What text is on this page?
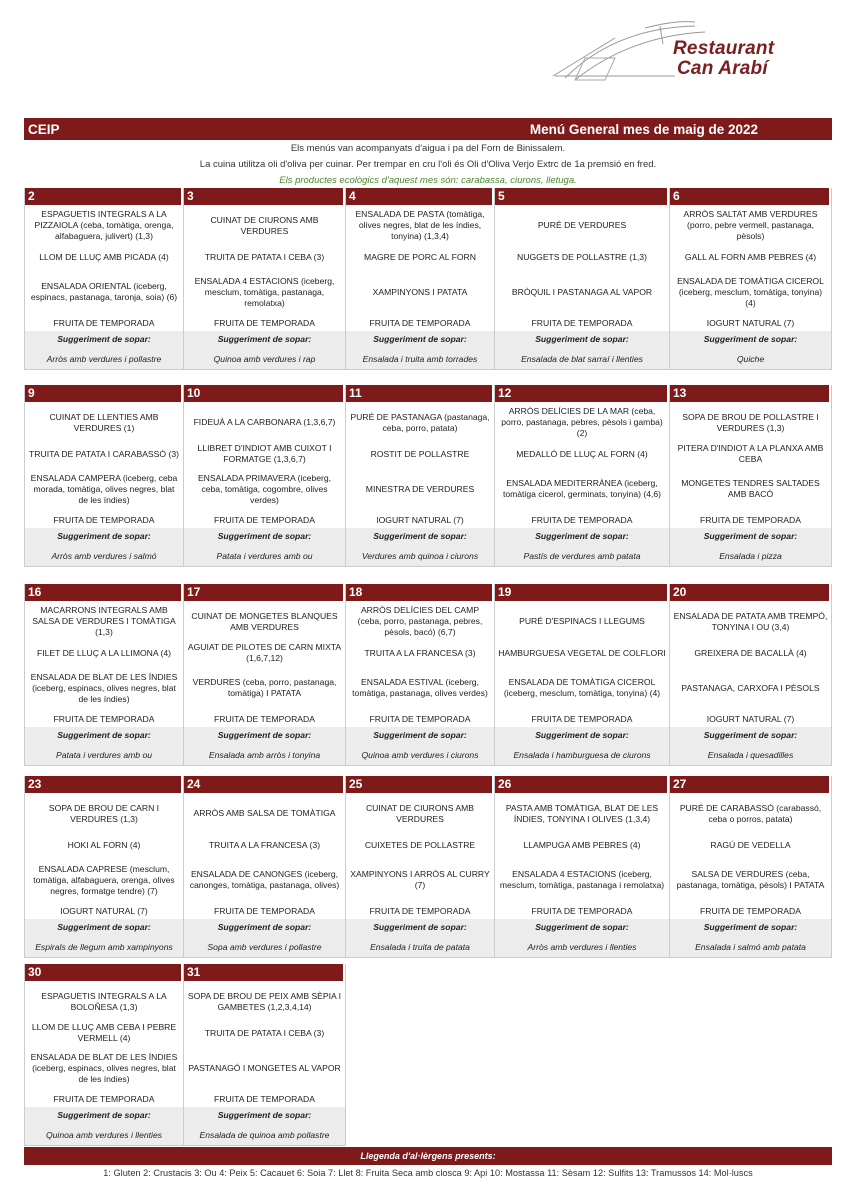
Restaurant
Can Arabí
CEIP	Menú General mes de maig de 2022
Els menús van acompanyats d'aigua i pa del Forn de Binissalem.
La cuina utilitza oli d'oliva per cuinar. Per trempar en cru l'oli és Oli d'Oliva Verjo Extrc de 1a premsió en fred.
Els productes ecològics d'aquest mes són: carabassa, ciurons, lletuga.
2
ESPAGUETIS INTEGRALS A LA PIZZAIOLA (ceba, tomàtiga, orenga, alfabaguera, julivert) (1,3)
LLOM DE LLUÇ AMB PICADA (4)
ENSALADA ORIENTAL (iceberg, espinacs, pastanaga, taronja, soia) (6)
FRUITA DE TEMPORADA
Suggeriment de sopar:
Arròs amb verdures i pollastre
3
CUINAT DE CIURONS AMB VERDURES
TRUITA DE PATATA I CEBA (3)
ENSALADA 4 ESTACIONS (iceberg, mesclum, tomàtiga, pastanaga, remolatxa)
FRUITA DE TEMPORADA
Suggeriment de sopar:
Quinoa amb verdures i rap
4
ENSALADA DE PASTA (tomàtiga, olives negres, blat de les índies, tonyina) (1,3,4)
MAGRE DE PORC AL FORN
XAMPINYONS I PATATA
FRUITA DE TEMPORADA
Suggeriment de sopar:
Ensalada i truita amb torrades
5
PURÉ DE VERDURES
NUGGETS DE POLLASTRE (1,3)
BRÒQUIL I PASTANAGA AL VAPOR
FRUITA DE TEMPORADA
Suggeriment de sopar:
Ensalada de blat sarraí i llenties
6
ARRÒS SALTAT AMB VERDURES (porro, pebre vermell, pastanaga, pèsols)
GALL AL FORN AMB PEBRES (4)
ENSALADA DE TOMÀTIGA CICEROL (iceberg, mesclum, tomàtiga, tonyina) (4)
IOGURT NATURAL (7)
Suggeriment de sopar:
Quiche
9
CUINAT DE LLENTIES AMB VERDURES (1)
TRUITA DE PATATA I CARABASSÓ (3)
ENSALADA CAMPERA (iceberg, ceba morada, tomàtiga, olives negres, blat de les índies)
FRUITA DE TEMPORADA
Suggeriment de sopar:
Arròs amb verdures i salmó
10
FIDEUÀ A LA CARBONARA (1,3,6,7)
LLIBRET D'INDIOT AMB CUIXOT I FORMATGE (1,3,6,7)
ENSALADA PRIMAVERA (iceberg, ceba, tomàtiga, cogombre, olives verdes)
FRUITA DE TEMPORADA
Suggeriment de sopar:
Patata i verdures amb ou
11
PURÉ DE PASTANAGA (pastanaga, ceba, porro, patata)
ROSTIT DE POLLASTRE
MINESTRA DE VERDURES
IOGURT NATURAL (7)
Suggeriment de sopar:
Verdures amb quinoa i ciurons
12
ARRÒS DELÍCIES DE LA MAR (ceba, porro, pastanaga, pebres, pèsols i gamba) (2)
MEDALLÓ DE LLUÇ AL FORN (4)
ENSALADA MEDITERRÀNEA (iceberg, tomàtiga cicerol, germinats, tonyina) (4,6)
FRUITA DE TEMPORADA
Suggeriment de sopar:
Pastís de verdures amb patata
13
SOPA DE BROU DE POLLASTRE I VERDURES (1,3)
PITERA D'INDIOT A LA PLANXA AMB CEBA
MONGETES TENDRES SALTADES AMB BACÓ
FRUITA DE TEMPORADA
Suggeriment de sopar:
Ensalada i pizza
16
MACARRONS INTEGRALS AMB SALSA DE VERDURES I TOMÀTIGA (1,3)
FILET DE LLUÇ A LA LLIMONA (4)
ENSALADA DE BLAT DE LES ÍNDIES (iceberg, espinacs, olives negres, blat de les índies)
FRUITA DE TEMPORADA
Suggeriment de sopar:
Patata i verdures amb ou
17
CUINAT DE MONGETES BLANQUES AMB VERDURES
AGUIAT DE PILOTES DE CARN MIXTA (1,6,7,12)
VERDURES (ceba, porro, pastanaga, tomàtiga) I PATATA
FRUITA DE TEMPORADA
Suggeriment de sopar:
Ensalada amb arròs i tonyina
18
ARRÒS DELÍCIES DEL CAMP (ceba, porro, pastanaga, pebres, pèsols, bacó) (6,7)
TRUITA A LA FRANCESA (3)
ENSALADA ESTIVAL (iceberg, tomàtiga, pastanaga, olives verdes)
FRUITA DE TEMPORADA
Suggeriment de sopar:
Quinoa amb verdures i ciurons
19
PURÉ D'ESPINACS I LLEGUMS
HAMBURGUESA VEGETAL DE COLFLORI
ENSALADA DE TOMÀTIGA CICEROL (iceberg, mesclum, tomàtiga, tonyina) (4)
FRUITA DE TEMPORADA
Suggeriment de sopar:
Ensalada i hamburguesa de ciurons
20
ENSALADA DE PATATA AMB TREMPÓ, TONYINA I OU (3,4)
GREIXERA DE BACALLÀ (4)
PASTANAGA, CARXOFA I PÈSOLS
IOGURT NATURAL (7)
Suggeriment de sopar:
Ensalada i quesadilles
23
SOPA DE BROU DE CARN I VERDURES (1,3)
HOKI AL FORN (4)
ENSALADA CAPRESE (mesclum, tomàtiga, alfabaguera, orenga, olives negres, formatge tendre) (7)
IOGURT NATURAL (7)
Suggeriment de sopar:
Espirals de llegum amb xampinyons
24
ARRÒS AMB SALSA DE TOMÀTIGA
TRUITA A LA FRANCESA (3)
ENSALADA DE CANONGES (iceberg, canonges, tomàtiga, pastanaga, olives)
FRUITA DE TEMPORADA
Suggeriment de sopar:
Sopa amb verdures i pollastre
25
CUINAT DE CIURONS AMB VERDURES
CUIXETES DE POLLASTRE
XAMPINYONS I ARRÒS AL CURRY (7)
FRUITA DE TEMPORADA
Suggeriment de sopar:
Ensalada i truita de patata
26
PASTA AMB TOMÀTIGA, BLAT DE LES ÍNDIES, TONYINA I OLIVES (1,3,4)
LLAMPUGA AMB PEBRES (4)
ENSALADA 4 ESTACIONS (iceberg, mesclum, tomàtiga, pastanaga i remolatxa)
FRUITA DE TEMPORADA
Suggeriment de sopar:
Arròs amb verdures i llenties
27
PURÉ DE CARABASSÓ (carabassó, ceba o porros, patata)
RAGÚ DE VEDELLA
SALSA DE VERDURES (ceba, pastanaga, tomàtiga, pèsols) I PATATA
FRUITA DE TEMPORADA
Suggeriment de sopar:
Ensalada i salmó amb patata
30
ESPAGUETIS INTEGRALS A LA BOLOÑESA (1,3)
LLOM DE LLUÇ AMB CEBA I PEBRE VERMELL (4)
ENSALADA DE BLAT DE LES ÍNDIES (iceberg, espinacs, olives negres, blat de les índies)
FRUITA DE TEMPORADA
Suggeriment de sopar:
Quinoa amb verdures i llenties
31
SOPA DE BROU DE PEIX AMB SÈPIA I GAMBETES (1,2,3,4,14)
TRUITA DE PATATA I CEBA (3)
PASTANAGÓ I MONGETES AL VAPOR
FRUITA DE TEMPORADA
Suggeriment de sopar:
Ensalada de quinoa amb pollastre
Llegenda d'al·lèrgens presents:
1: Gluten 2: Crustacis 3: Ou 4: Peix 5: Cacauet 6: Soia 7: Llet 8: Fruita Seca amb closca 9: Api 10: Mostassa 11: Sèsam 12: Sulfits 13: Tramussos 14: Mol·luscs
